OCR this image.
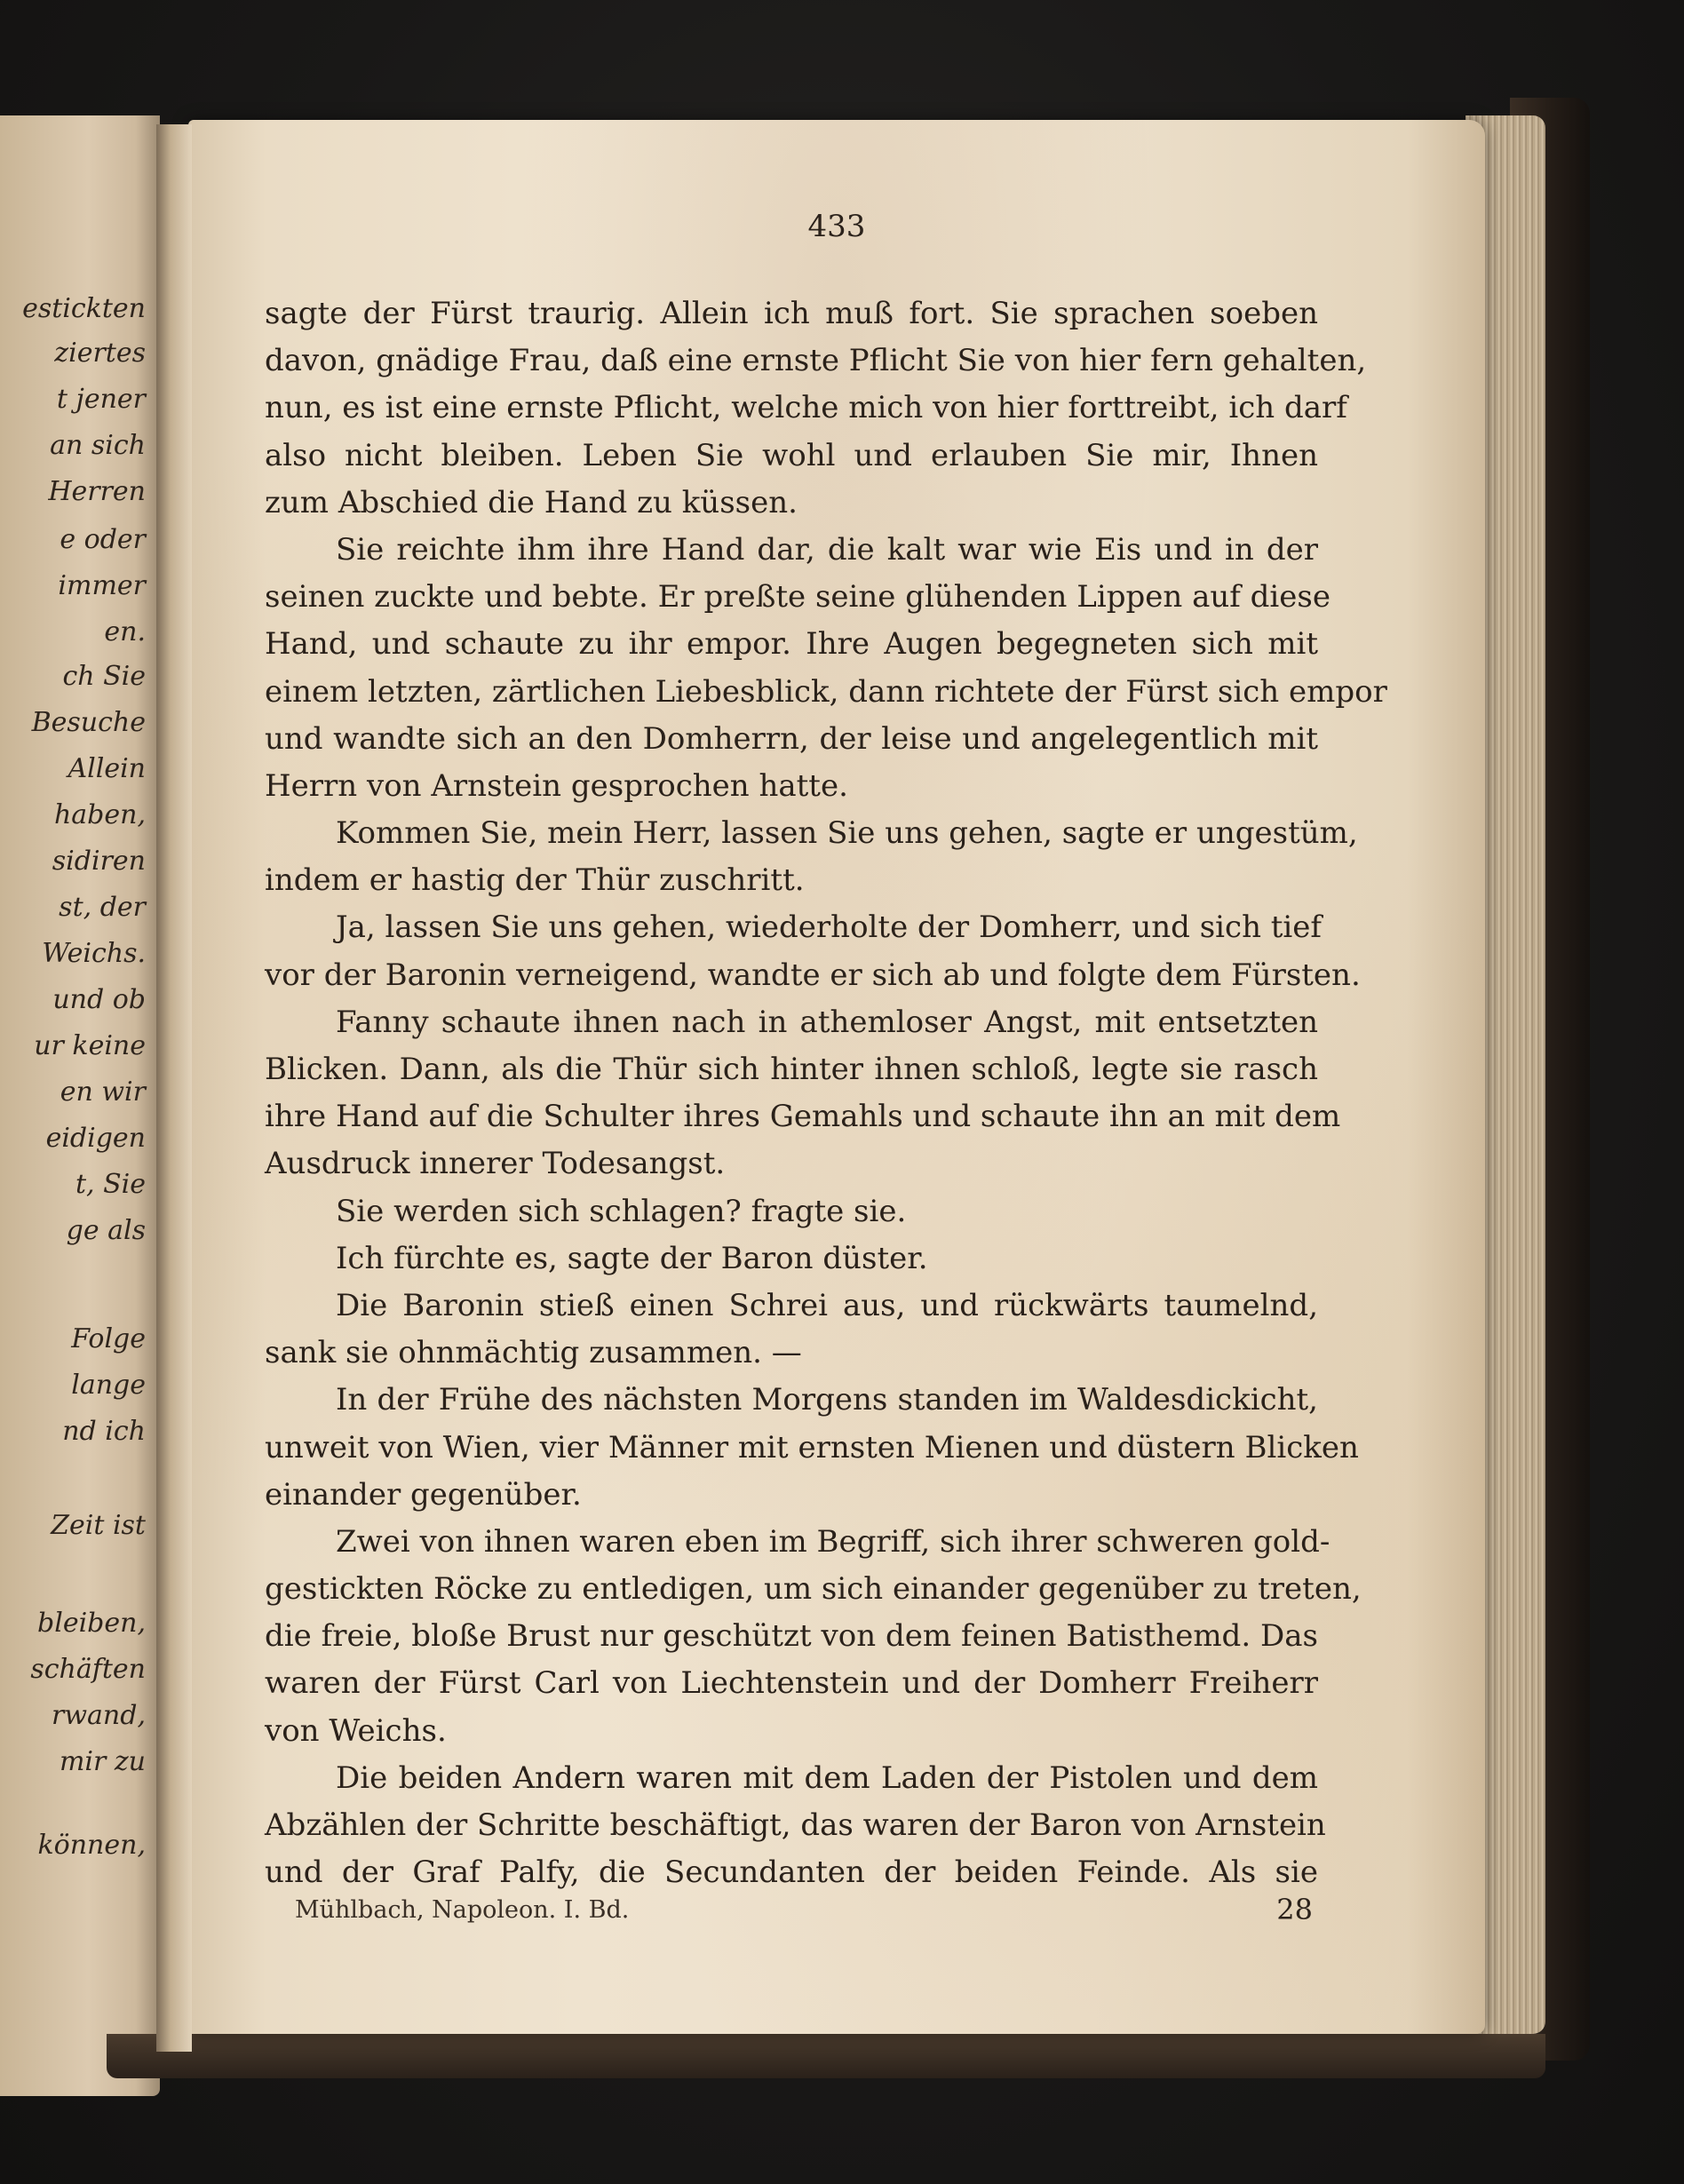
estickten
ziertes
t jener
an sich
Herren
e oder
immer
en.
ch Sie
Besuche
Allein
haben,
sidiren
st, der
Weichs.
und ob
ur keine
en wir
eidigen
t, Sie
ge als
Folge
lange
nd ich
Zeit ist
bleiben,
schäften
rwand,
mir zu
können,
433
sagte der Fürst traurig. Allein ich muß fort. Sie sprachen soeben
davon, gnädige Frau, daß eine ernste Pflicht Sie von hier fern gehalten,
nun, es ist eine ernste Pflicht, welche mich von hier forttreibt, ich darf
also nicht bleiben. Leben Sie wohl und erlauben Sie mir, Ihnen
zum Abschied die Hand zu küssen.
Sie reichte ihm ihre Hand dar, die kalt war wie Eis und in der
seinen zuckte und bebte. Er preßte seine glühenden Lippen auf diese
Hand, und schaute zu ihr empor. Ihre Augen begegneten sich mit
einem letzten, zärtlichen Liebesblick, dann richtete der Fürst sich empor
und wandte sich an den Domherrn, der leise und angelegentlich mit
Herrn von Arnstein gesprochen hatte.
Kommen Sie, mein Herr, lassen Sie uns gehen, sagte er ungestüm,
indem er hastig der Thür zuschritt.
Ja, lassen Sie uns gehen, wiederholte der Domherr, und sich tief
vor der Baronin verneigend, wandte er sich ab und folgte dem Fürsten.
Fanny schaute ihnen nach in athemloser Angst, mit entsetzten
Blicken. Dann, als die Thür sich hinter ihnen schloß, legte sie rasch
ihre Hand auf die Schulter ihres Gemahls und schaute ihn an mit dem
Ausdruck innerer Todesangst.
Sie werden sich schlagen? fragte sie.
Ich fürchte es, sagte der Baron düster.
Die Baronin stieß einen Schrei aus, und rückwärts taumelnd,
sank sie ohnmächtig zusammen. —
In der Frühe des nächsten Morgens standen im Waldesdickicht,
unweit von Wien, vier Männer mit ernsten Mienen und düstern Blicken
einander gegenüber.
Zwei von ihnen waren eben im Begriff, sich ihrer schweren gold-
gestickten Röcke zu entledigen, um sich einander gegenüber zu treten,
die freie, bloße Brust nur geschützt von dem feinen Batisthemd. Das
waren der Fürst Carl von Liechtenstein und der Domherr Freiherr
von Weichs.
Die beiden Andern waren mit dem Laden der Pistolen und dem
Abzählen der Schritte beschäftigt, das waren der Baron von Arnstein
und der Graf Palfy, die Secundanten der beiden Feinde. Als sie
Mühlbach, Napoleon. I. Bd.	28
